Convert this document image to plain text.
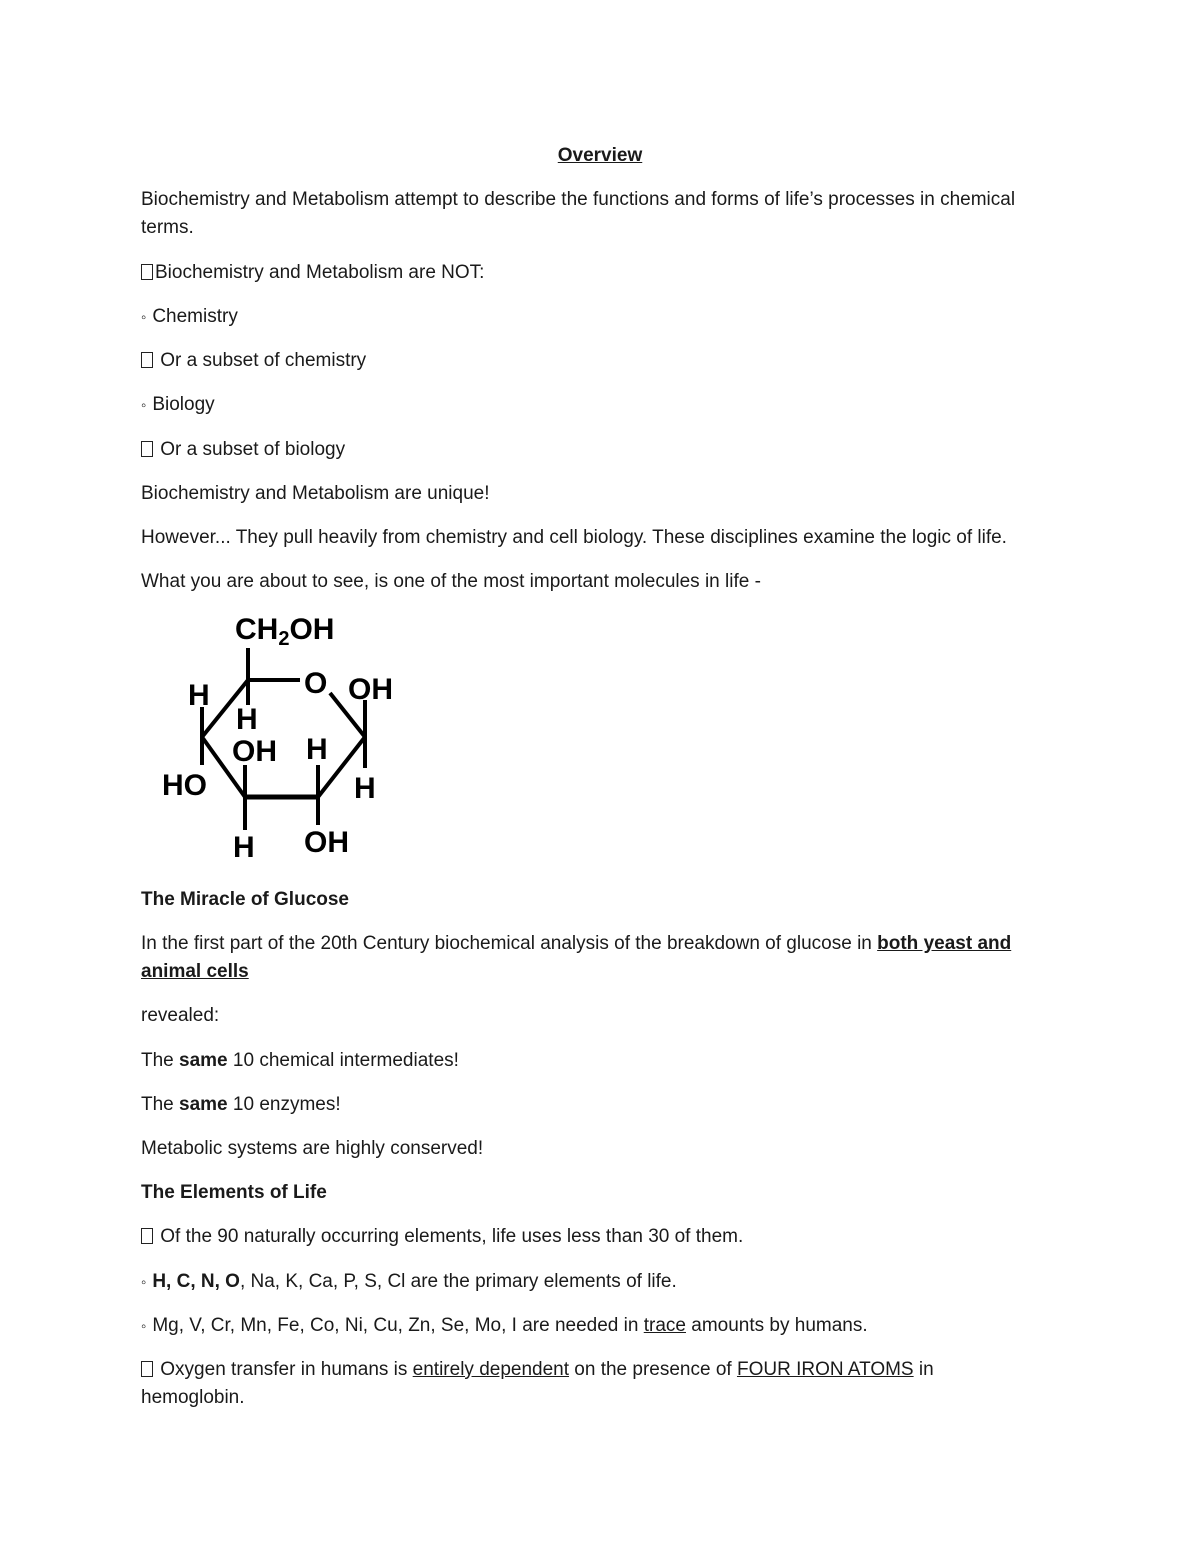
Overview
Biochemistry and Metabolism attempt to describe the functions and forms of life’s processes in chemical
terms.
Biochemistry and Metabolism are NOT:
◦ Chemistry
Or a subset of chemistry
◦ Biology
Or a subset of biology
Biochemistry and Metabolism are unique!
However... They pull heavily from chemistry and cell biology. These disciplines examine the logic of life.
What you are about to see, is one of the most important molecules in life -
$CH_2OH$
O OH
H
H
OH H
HO	H
H OH
The Miracle of Glucose
In the first part of the 20th Century biochemical analysis of the breakdown of glucose in both yeast and
animal cells
revealed:
The same 10 chemical intermediates!
The same 10 enzymes!
Metabolic systems are highly conserved!
The Elements of Life
Of the 90 naturally occurring elements, life uses less than 30 of them.
◦ H, C, N, O, Na, K, Ca, P, S, Cl are the primary elements of life.
◦ Mg, V, Cr, Mn, Fe, Co, Ni, Cu, Zn, Se, Mo, I are needed in trace amounts by humans.
Oxygen transfer in humans is entirely dependent on the presence of FOUR IRON ATOMS in
hemoglobin.
